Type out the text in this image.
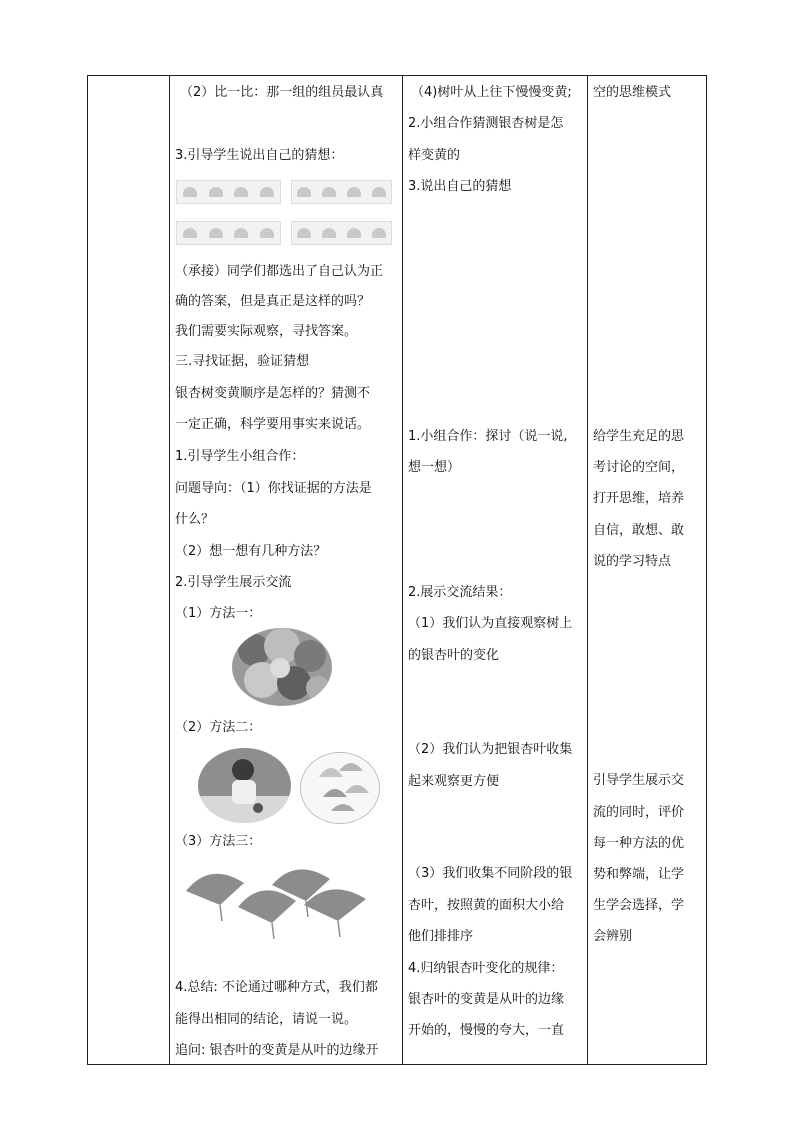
（2）比一比：那一组的组员最认真
3.引导学生说出自己的猜想：
（承接）同学们都选出了自己认为正
确的答案，但是真正是这样的吗？
我们需要实际观察，寻找答案。
三.寻找证据，验证猜想
银杏树变黄顺序是怎样的？猜测不
一定正确，科学要用事实来说话。
1.引导学生小组合作：
问题导向：（1）你找证据的方法是
什么？
（2）想一想有几种方法？
2.引导学生展示交流
（1）方法一：
（2）方法二：
（3）方法三：
4.总结: 不论通过哪种方式，我们都
能得出相同的结论，请说一说。
追问: 银杏叶的变黄是从叶的边缘开
（4)树叶从上往下慢慢变黄;
2.小组合作猜测银杏树是怎
样变黄的
3.说出自己的猜想
1.小组合作：探讨（说一说,
想一想）
2.展示交流结果：
（1）我们认为直接观察树上
的银杏叶的变化
（2）我们认为把银杏叶收集
起来观察更方便
（3）我们收集不同阶段的银
杏叶，按照黄的面积大小给
他们排排序
4.归纳银杏叶变化的规律：
银杏叶的变黄是从叶的边缘
开始的，慢慢的夸大，一直
空的思维模式
给学生充足的思
考讨论的空间，
打开思维，培养
自信，敢想、敢
说的学习特点
引导学生展示交
流的同时，评价
每一种方法的优
势和弊端，让学
生学会选择，学
会辨别
